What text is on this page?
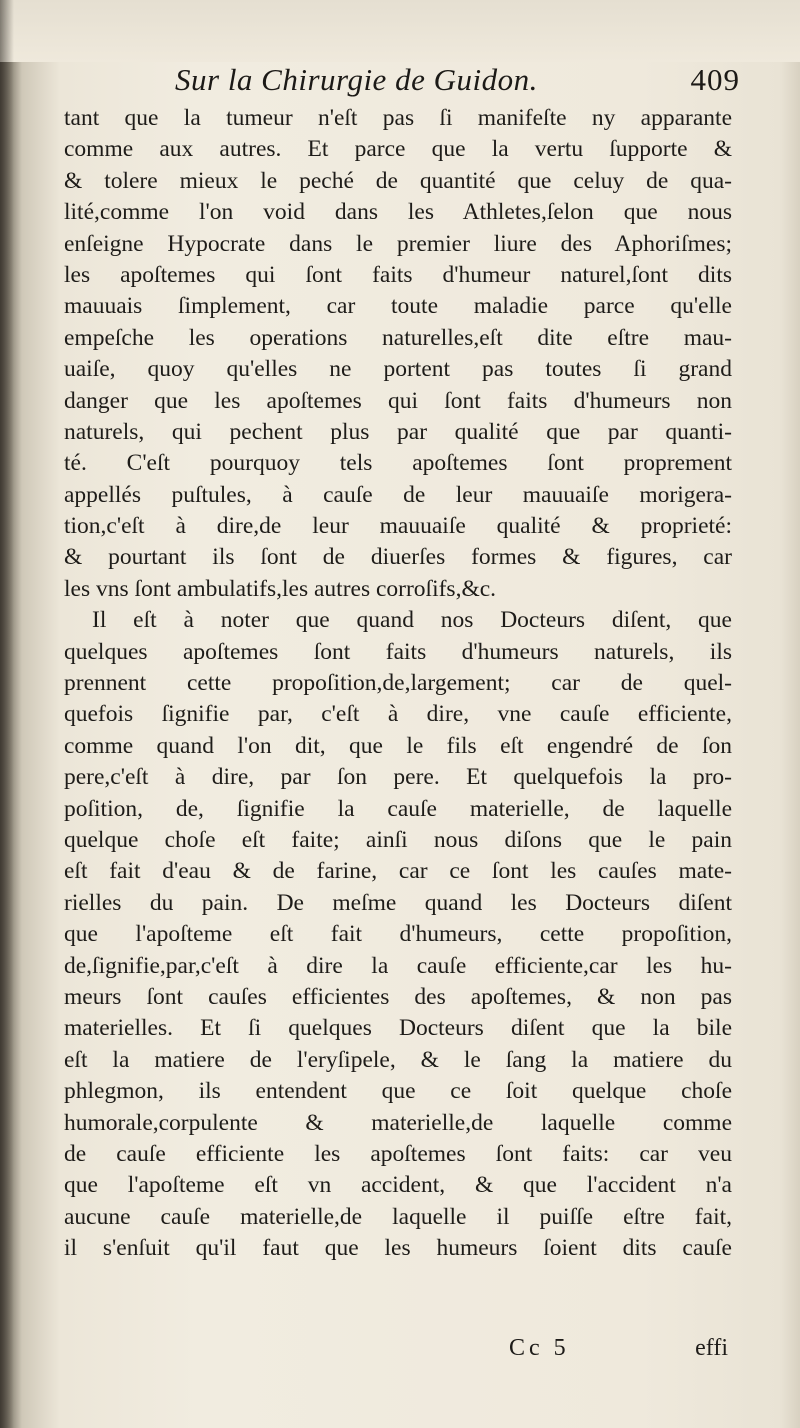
Sur la Chirurgie de Guidon.	409
tant que la tumeur n'eſt pas ſi manifeſte ny apparante
comme aux autres. Et parce que la vertu ſupporte &
& tolere mieux le peché de quantité que celuy de qua-
lité,comme l'on void dans les Athletes,ſelon que nous
enſeigne Hypocrate dans le premier liure des Aphoriſmes;
les apoſtemes qui ſont faits d'humeur naturel,ſont dits
mauuais ſimplement, car toute maladie parce qu'elle
empeſche les operations naturelles,eſt dite eſtre mau-
uaiſe, quoy qu'elles ne portent pas toutes ſi grand
danger que les apoſtemes qui ſont faits d'humeurs non
naturels, qui pechent plus par qualité que par quanti-
té. C'eſt pourquoy tels apoſtemes ſont proprement
appellés puſtules, à cauſe de leur mauuaiſe morigera-
tion,c'eſt à dire,de leur mauuaiſe qualité & proprieté:
& pourtant ils ſont de diuerſes formes & figures, car
les vns ſont ambulatifs,les autres corroſifs,&c.
Il eſt à noter que quand nos Docteurs diſent, que
quelques apoſtemes ſont faits d'humeurs naturels, ils
prennent cette propoſition,de,largement; car de quel-
quefois ſignifie par, c'eſt à dire, vne cauſe efficiente,
comme quand l'on dit, que le fils eſt engendré de ſon
pere,c'eſt à dire, par ſon pere. Et quelquefois la pro-
poſition, de, ſignifie la cauſe materielle, de laquelle
quelque choſe eſt faite; ainſi nous diſons que le pain
eſt fait d'eau & de farine, car ce ſont les cauſes mate-
rielles du pain. De meſme quand les Docteurs diſent
que l'apoſteme eſt fait d'humeurs, cette propoſition,
de,ſignifie,par,c'eſt à dire la cauſe efficiente,car les hu-
meurs ſont cauſes efficientes des apoſtemes, & non pas
materielles. Et ſi quelques Docteurs diſent que la bile
eſt la matiere de l'eryſipele, & le ſang la matiere du
phlegmon, ils entendent que ce ſoit quelque choſe
humorale,corpulente & materielle,de laquelle comme
de cauſe efficiente les apoſtemes ſont faits: car veu
que l'apoſteme eſt vn accident, & que l'accident n'a
aucune cauſe materielle,de laquelle il puiſſe eſtre fait,
il s'enſuit qu'il faut que les humeurs ſoient dits cauſe
Cc 5	effi
